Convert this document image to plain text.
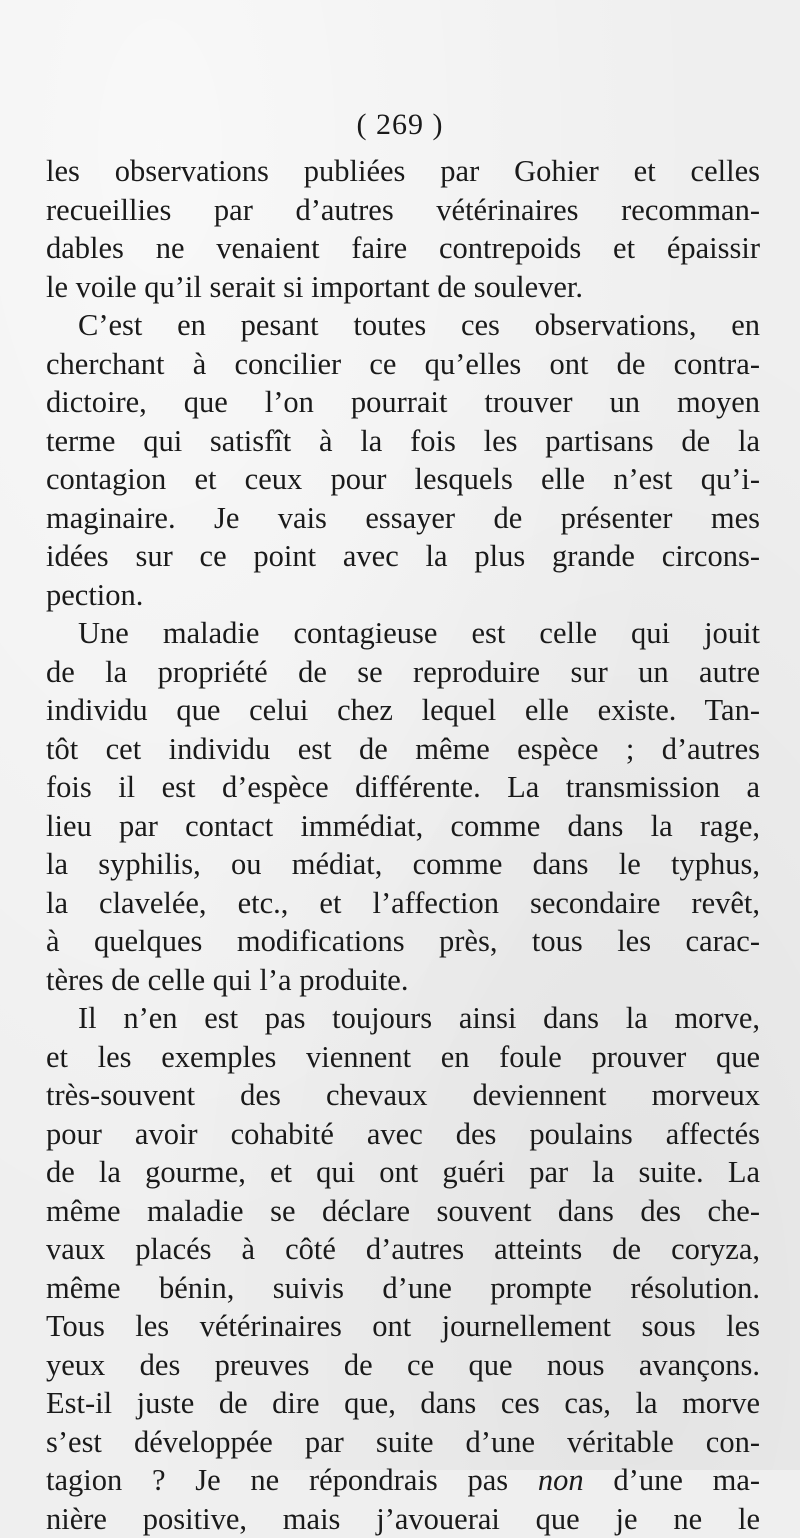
( 269 )
les observations publiées par Gohier et celles
recueillies par d’autres vétérinaires recomman-
dables ne venaient faire contrepoids et épaissir
le voile qu’il serait si important de soulever.
C’est en pesant toutes ces observations, en
cherchant à concilier ce qu’elles ont de contra-
dictoire, que l’on pourrait trouver un moyen
terme qui satisfît à la fois les partisans de la
contagion et ceux pour lesquels elle n’est qu’i-
maginaire. Je vais essayer de présenter mes
idées sur ce point avec la plus grande circons-
pection.
Une maladie contagieuse est celle qui jouit
de la propriété de se reproduire sur un autre
individu que celui chez lequel elle existe. Tan-
tôt cet individu est de même espèce ; d’autres
fois il est d’espèce différente. La transmission a
lieu par contact immédiat, comme dans la rage,
la syphilis, ou médiat, comme dans le typhus,
la clavelée, etc., et l’affection secondaire revêt,
à quelques modifications près, tous les carac-
tères de celle qui l’a produite.
Il n’en est pas toujours ainsi dans la morve,
et les exemples viennent en foule prouver que
très-souvent des chevaux deviennent morveux
pour avoir cohabité avec des poulains affectés
de la gourme, et qui ont guéri par la suite. La
même maladie se déclare souvent dans des che-
vaux placés à côté d’autres atteints de coryza,
même bénin, suivis d’une prompte résolution.
Tous les vétérinaires ont journellement sous les
yeux des preuves de ce que nous avançons.
Est-il juste de dire que, dans ces cas, la morve
s’est développée par suite d’une véritable con-
tagion ? Je ne répondrais pas non d’une ma-
nière positive, mais j’avouerai que je ne le
